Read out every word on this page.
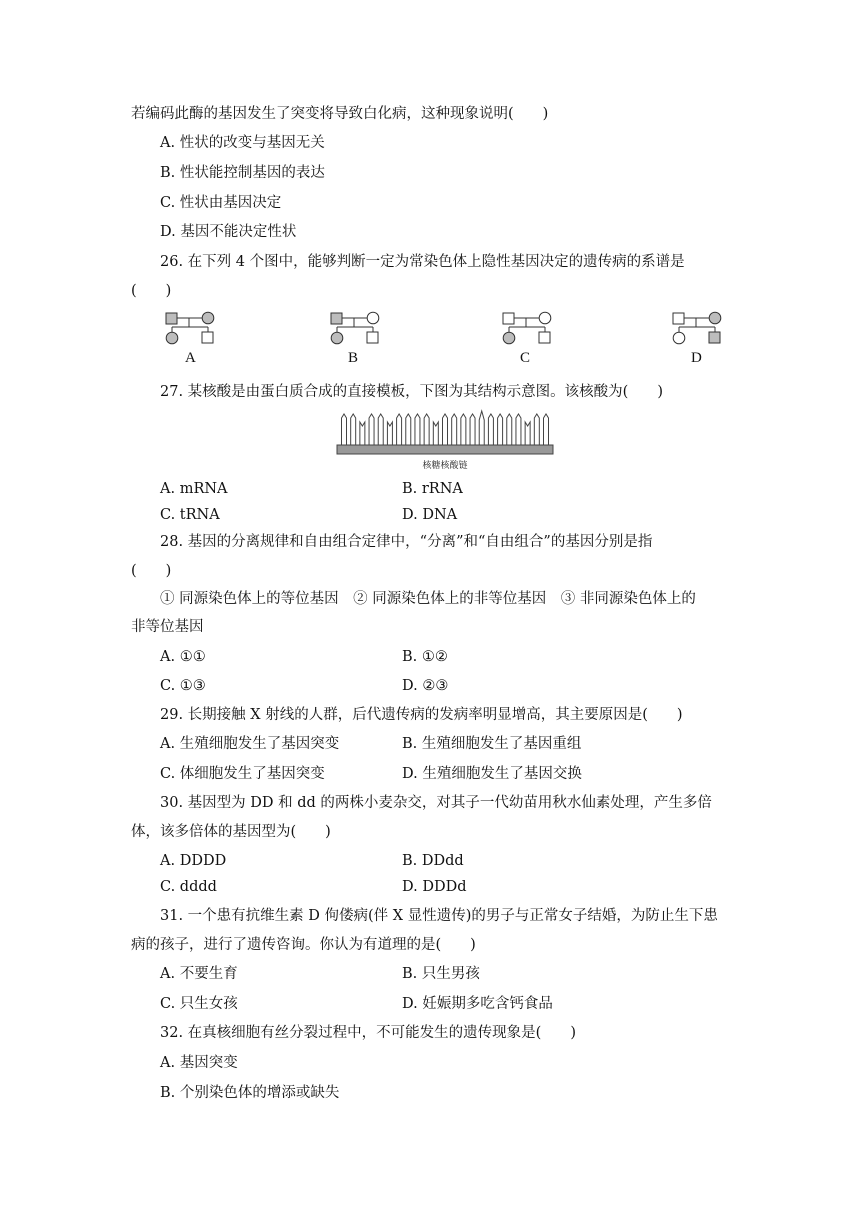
若编码此酶的基因发生了突变将导致白化病，这种现象说明(　　)
A. 性状的改变与基因无关
B. 性状能控制基因的表达
C. 性状由基因决定
D. 基因不能决定性状
26. 在下列 4 个图中，能够判断一定为常染色体上隐性基因决定的遗传病的系谱是
(　　)
A	B	C	D
27. 某核酸是由蛋白质合成的直接模板，下图为其结构示意图。该核酸为(　　)
核糖核酸链
A. mRNA	B. rRNA
C. tRNA	D. DNA
28. 基因的分离规律和自由组合定律中，“分离”和“自由组合”的基因分别是指
(　　)
① 同源染色体上的等位基因　② 同源染色体上的非等位基因　③ 非同源染色体上的
非等位基因
A. ①①	B. ①②
C. ①③	D. ②③
29. 长期接触 X 射线的人群，后代遗传病的发病率明显增高，其主要原因是(　　)
A. 生殖细胞发生了基因突变	B. 生殖细胞发生了基因重组
C. 体细胞发生了基因突变	D. 生殖细胞发生了基因交换
30. 基因型为 DD 和 dd 的两株小麦杂交，对其子一代幼苗用秋水仙素处理，产生多倍
体，该多倍体的基因型为(　　)
A. DDDD	B. DDdd
C. dddd	D. DDDd
31. 一个患有抗维生素 D 佝偻病(伴 X 显性遗传)的男子与正常女子结婚，为防止生下患
病的孩子，进行了遗传咨询。你认为有道理的是(　　)
A. 不要生育	B. 只生男孩
C. 只生女孩	D. 妊娠期多吃含钙食品
32. 在真核细胞有丝分裂过程中，不可能发生的遗传现象是(　　)
A. 基因突变
B. 个别染色体的增添或缺失
